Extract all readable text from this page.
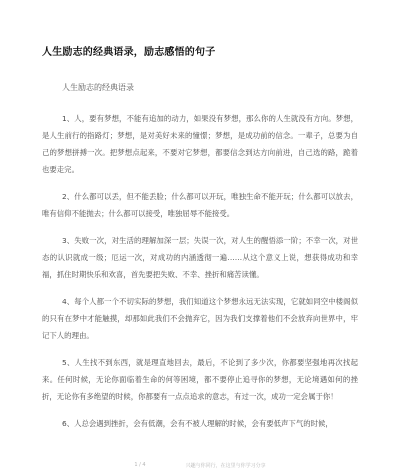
人生励志的经典语录，励志感悟的句子
人生励志的经典语录

1、人，要有梦想，不能有追加的动力，如果没有梦想，那么你的人生就没有方向。梦想，是人生前行的指路灯；梦想，是对美好未来的憧憬；梦想，是成功前的信念。一辈子，总要为自己的梦想拼搏一次。把梦想点起来，不要对它梦想，都要信念到达方向前进，自己选的路，跪着也要走完。

2、什么都可以丢，但不能丢脸；什么都可以开玩，唯独生命不能开玩；什么都可以放去，唯有信仰不能抛去；什么都可以接受，唯独屈辱不能接受。

3、失败一次，对生活的理解加深一层；失误一次，对人生的醒悟添一阶；不幸一次，对世态的认识就成一级；厄运一次，对成功的内涵透彻一遍……从这个意义上说，想获得成功和幸福，抓住时期快乐和欢喜，首先要把失败、不幸、挫折和痛苦读懂。

4、每个人都一个不切实际的梦想，我们知道这个梦想永远无法实现，它就如同空中楼阁似的只有在梦中才能触摸，却那如此我们不会抛弃它，因为我们支撑着他们不会放弃向世界中，牢记下人的理由。

5、人生找不到东西，就是理直地回去，最后，不论到了多少次，你都要坚强地再次找起来。任何时候，无论你面临着生命的何等困境，都不要停止追寻你的梦想，无论境遇如何的挫折，无论你有多绝望的时候，你都要有一点点追求的意志，有过一次，成功一定会属于你！

6、人总会遇到挫折，会有低潮，会有不被人理解的时候，会有要低声下气的时候，

1 / 4	兴趣与你同行，在这里与你学习分享
